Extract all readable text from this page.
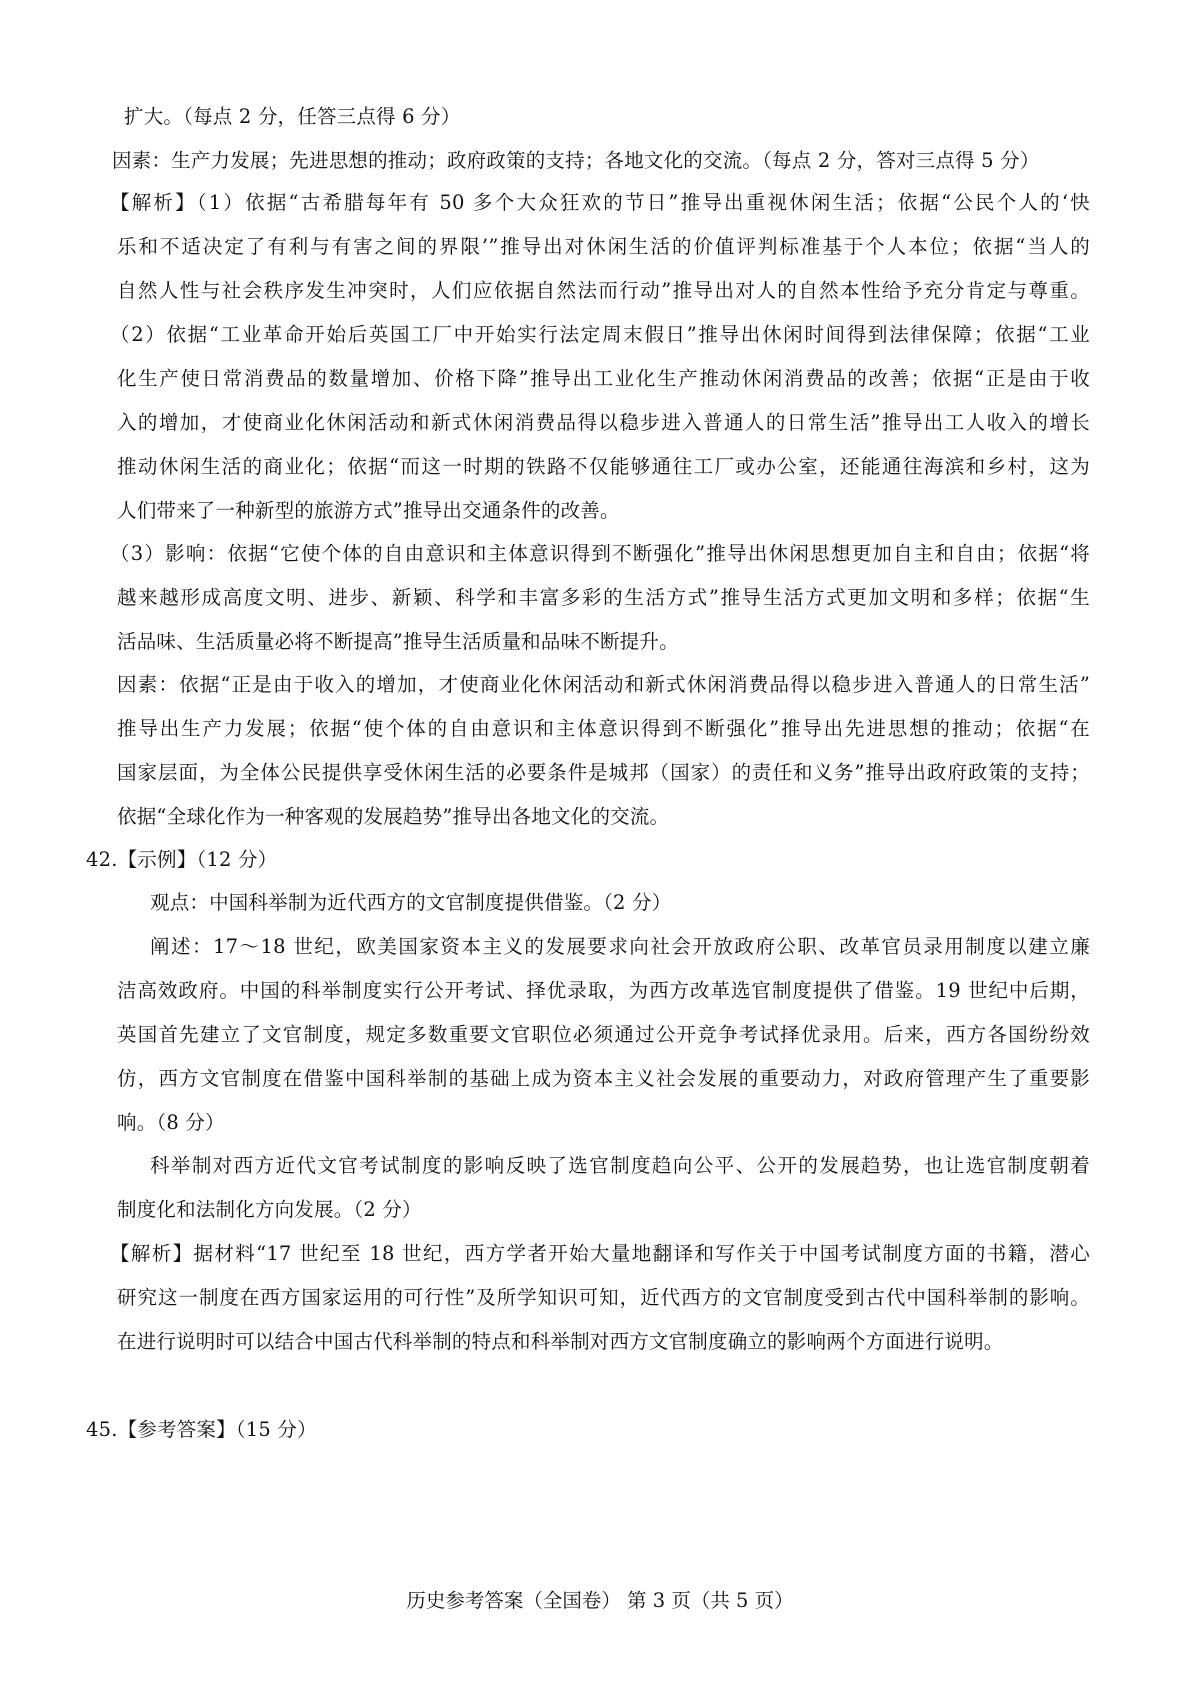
扩大。（每点 2 分，任答三点得 6 分）
因素：生产力发展；先进思想的推动；政府政策的支持；各地文化的交流。（每点 2 分，答对三点得 5 分）
【解析】（1）依据“古希腊每年有 50 多个大众狂欢的节日”推导出重视休闲生活；依据“公民个人的‘快
乐和不适决定了有利与有害之间的界限’”推导出对休闲生活的价值评判标准基于个人本位；依据“当人的
自然人性与社会秩序发生冲突时，人们应依据自然法而行动”推导出对人的自然本性给予充分肯定与尊重。
（2）依据“工业革命开始后英国工厂中开始实行法定周末假日”推导出休闲时间得到法律保障；依据“工业
化生产使日常消费品的数量增加、价格下降”推导出工业化生产推动休闲消费品的改善；依据“正是由于收
入的增加，才使商业化休闲活动和新式休闲消费品得以稳步进入普通人的日常生活”推导出工人收入的增长
推动休闲生活的商业化；依据“而这一时期的铁路不仅能够通往工厂或办公室，还能通往海滨和乡村，这为
人们带来了一种新型的旅游方式”推导出交通条件的改善。
（3）影响：依据“它使个体的自由意识和主体意识得到不断强化”推导出休闲思想更加自主和自由；依据“将
越来越形成高度文明、进步、新颖、科学和丰富多彩的生活方式”推导生活方式更加文明和多样；依据“生
活品味、生活质量必将不断提高”推导生活质量和品味不断提升。
因素：依据“正是由于收入的增加，才使商业化休闲活动和新式休闲消费品得以稳步进入普通人的日常生活”
推导出生产力发展；依据“使个体的自由意识和主体意识得到不断强化”推导出先进思想的推动；依据“在
国家层面，为全体公民提供享受休闲生活的必要条件是城邦（国家）的责任和义务”推导出政府政策的支持；
依据“全球化作为一种客观的发展趋势”推导出各地文化的交流。
42.【示例】（12 分）
观点：中国科举制为近代西方的文官制度提供借鉴。（2 分）
阐述：17～18 世纪，欧美国家资本主义的发展要求向社会开放政府公职、改革官员录用制度以建立廉
洁高效政府。中国的科举制度实行公开考试、择优录取，为西方改革选官制度提供了借鉴。19 世纪中后期，
英国首先建立了文官制度，规定多数重要文官职位必须通过公开竞争考试择优录用。后来，西方各国纷纷效
仿，西方文官制度在借鉴中国科举制的基础上成为资本主义社会发展的重要动力，对政府管理产生了重要影
响。（8 分）
科举制对西方近代文官考试制度的影响反映了选官制度趋向公平、公开的发展趋势，也让选官制度朝着
制度化和法制化方向发展。（2 分）
【解析】据材料“17 世纪至 18 世纪，西方学者开始大量地翻译和写作关于中国考试制度方面的书籍，潜心
研究这一制度在西方国家运用的可行性”及所学知识可知，近代西方的文官制度受到古代中国科举制的影响。
在进行说明时可以结合中国古代科举制的特点和科举制对西方文官制度确立的影响两个方面进行说明。
45.【参考答案】（15 分）
历史参考答案（全国卷） 第 3 页（共 5 页）
